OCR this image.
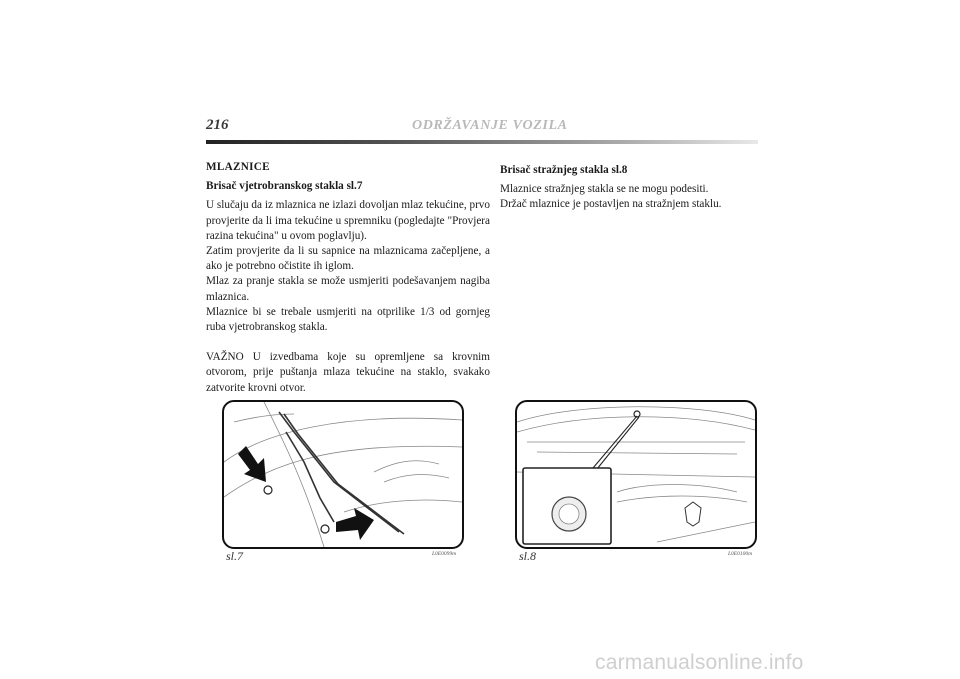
216	ODRŽAVANJE VOZILA

MLAZNICE

Brisač vjetrobranskog stakla sl.7

U slučaju da iz mlaznica ne izlazi dovoljan mlaz tekućine, prvo provjerite da li ima tekućine u spremniku (pogledajte "Provjera razina tekućina" u ovom poglavlju).

Zatim provjerite da li su sapnice na mlaznicama začepljene, a ako je potrebno očistite ih iglom.

Mlaz za pranje stakla se može usmjeriti podešavanjem nagiba mlaznica.

Mlaznice bi se trebale usmjeriti na otprilike 1/3 od gornjeg ruba vjetrobranskog stakla.

VAŽNO U izvedbama koje su opremljene sa krovnim otvorom, prije puštanja mlaza tekućine na staklo, svakako zatvorite krovni otvor.

Brisač stražnjeg stakla sl.8

Mlaznice stražnjeg stakla se ne mogu podesiti.

Držač mlaznice je postavljen na stražnjem staklu.

sl.7	L0E0099m	sl.8	L0E0100m
carmanualsonline.info
